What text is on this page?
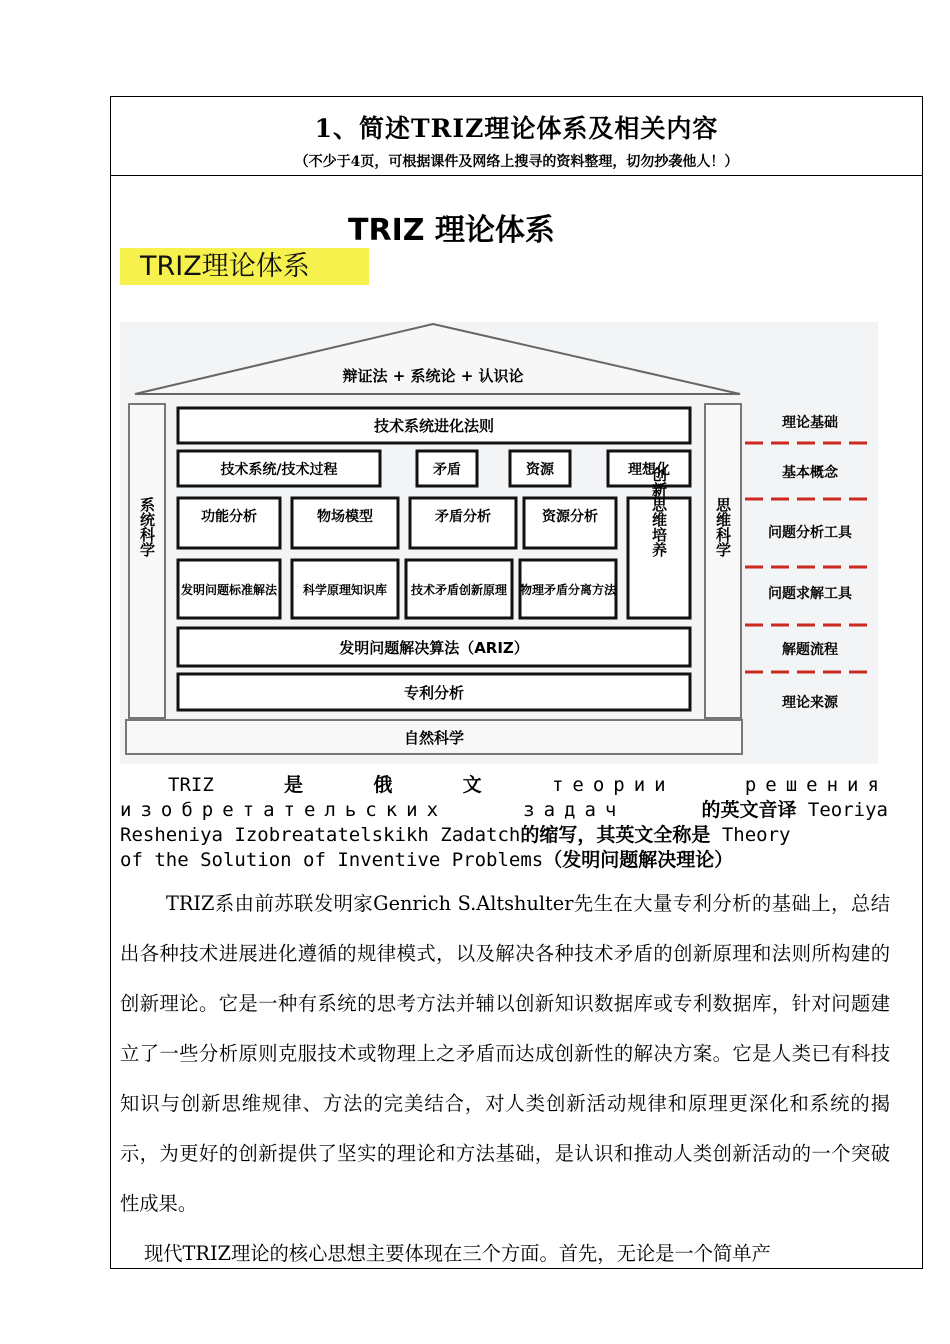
1、简述TRIZ理论体系及相关内容
（不少于4页，可根据课件及网络上搜寻的资料整理，切勿抄袭他人！）
TRIZ 理论体系
TRIZ理论体系
辩证法 + 系统论 + 认识论
系统科学	思维科学
技术系统进化法则
技术系统/技术过程	矛盾	资源	理想化
功能分析	物场模型	矛盾分析	资源分析	创新思维培养
发明问题标准解法 科学原理知识库 技术矛盾创新原理 物理矛盾分离方法
发明问题解决算法（ARIZ）
专利分析
自然科学
理论基础
基本概念
问题分析工具
问题求解工具
解题流程
理论来源
TRIZ	是	俄	文	теории	решения
изобретательских	задач	的英文音译 Teoriya
Resheniya Izobreatatelskikh Zadatch的缩写，其英文全称是 Theory
of the Solution of Inventive Problems（发明问题解决理论）

TRIZ系由前苏联发明家Genrich S.Altshulter先生在大量专利分析的基础上，总结出各种技术进展进化遵循的规律模式，以及解决各种技术矛盾的创新原理和法则所构建的创新理论。它是一种有系统的思考方法并辅以创新知识数据库或专利数据库，针对问题建立了一些分析原则克服技术或物理上之矛盾而达成创新性的解决方案。它是人类已有科技知识与创新思维规律、方法的完美结合，对人类创新活动规律和原理更深化和系统的揭示，为更好的创新提供了坚实的理论和方法基础，是认识和推动人类创新活动的一个突破性成果。

现代TRIZ理论的核心思想主要体现在三个方面。首先，无论是一个简单产
